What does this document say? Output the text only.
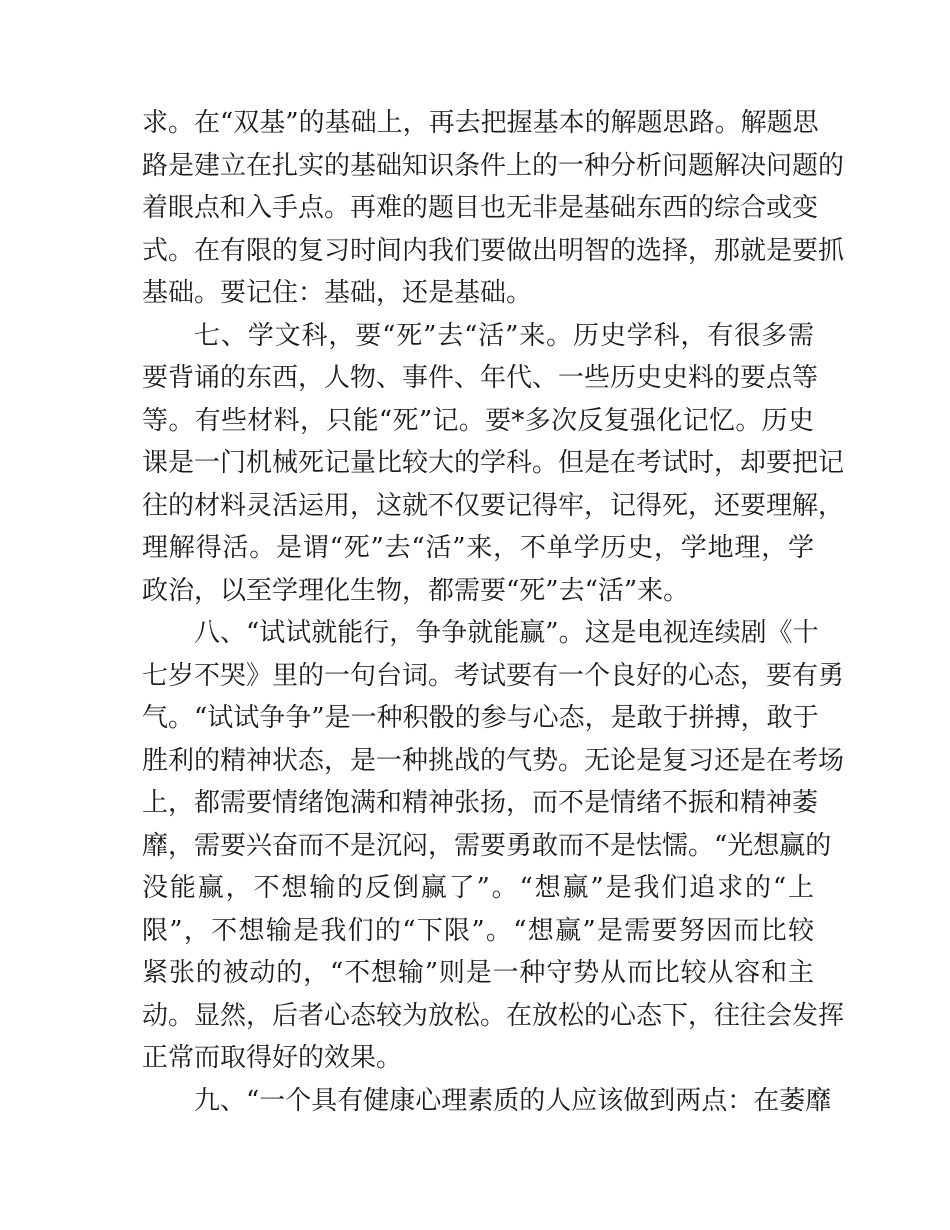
求。在“双基”的基础上，再去把握基本的解题思路。解题思
路是建立在扎实的基础知识条件上的一种分析问题解决问题的
着眼点和入手点。再难的题目也无非是基础东西的综合或变
式。在有限的复习时间内我们要做出明智的选择，那就是要抓
基础。要记住：基础，还是基础。
七、学文科，要“死”去“活”来。历史学科，有很多需
要背诵的东西，人物、事件、年代、一些历史史料的要点等
等。有些材料，只能“死”记。要*多次反复强化记忆。历史
课是一门机械死记量比较大的学科。但是在考试时，却要把记
往的材料灵活运用，这就不仅要记得牢，记得死，还要理解，
理解得活。是谓“死”去“活”来，不单学历史，学地理，学
政治，以至学理化生物，都需要“死”去“活”来。
八、“试试就能行，争争就能赢”。这是电视连续剧《十
七岁不哭》里的一句台词。考试要有一个良好的心态，要有勇
气。“试试争争”是一种积骰的参与心态，是敢于拼搏，敢于
胜利的精神状态，是一种挑战的气势。无论是复习还是在考场
上，都需要情绪饱满和精神张扬，而不是情绪不振和精神萎
靡，需要兴奋而不是沉闷，需要勇敢而不是怯懦。“光想赢的
没能赢，不想输的反倒赢了”。“想赢”是我们追求的“上
限”，不想输是我们的“下限”。“想赢”是需要努因而比较
紧张的被动的，“不想输”则是一种守势从而比较从容和主
动。显然，后者心态较为放松。在放松的心态下，往往会发挥
正常而取得好的效果。
九、“一个具有健康心理素质的人应该做到两点：在萎靡
